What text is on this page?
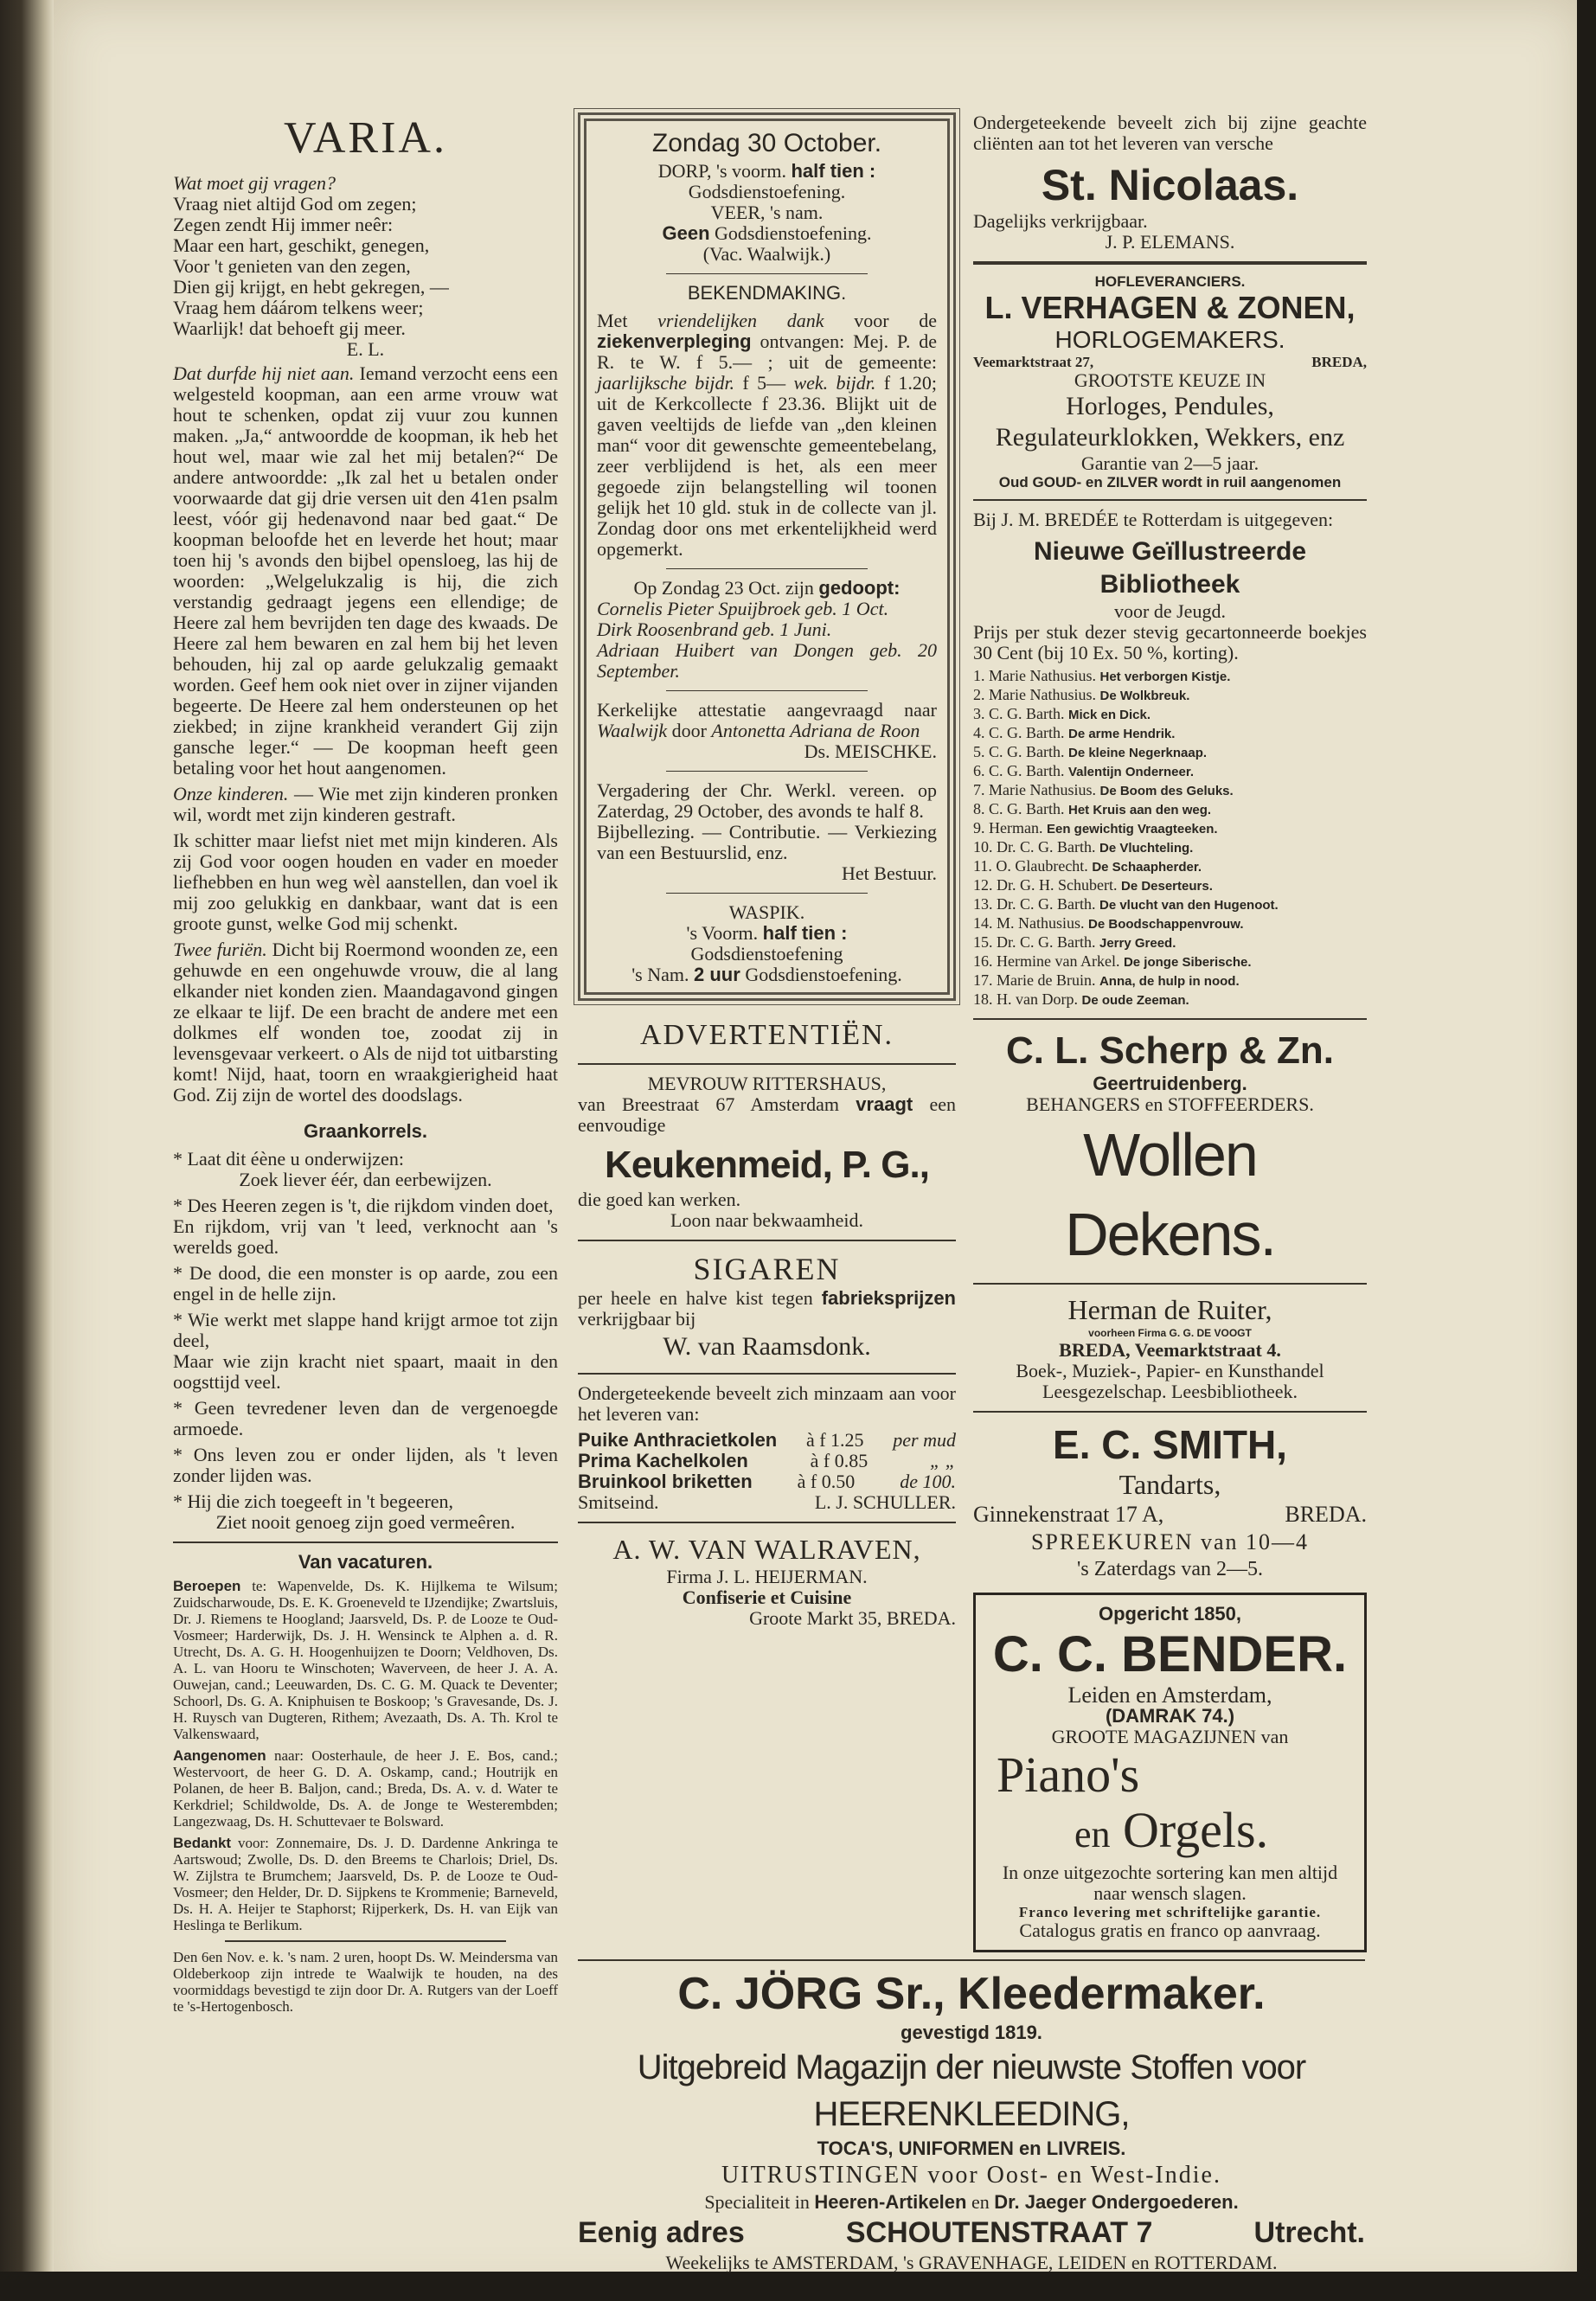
VARIA.

Wat moet gij vragen?

Vraag niet altijd God om zegen;
Zegen zendt Hij immer neêr:
Maar een hart, geschikt, genegen,
Voor 't genieten van den zegen,
Dien gij krijgt, en hebt gekregen, —
Vraag hem dáárom telkens weer;
Waarlijk! dat behoeft gij meer.
E. L.

Dat durfde hij niet aan. Iemand verzocht eens een welgesteld koopman, aan een arme vrouw wat hout te schenken, opdat zij vuur zou kunnen maken. „Ja,“ antwoordde de koopman, ik heb het hout wel, maar wie zal het mij betalen?“ De andere antwoordde: „Ik zal het u betalen onder voorwaarde dat gij drie versen uit den 41en psalm leest, vóór gij hedenavond naar bed gaat.“ De koopman beloofde het en leverde het hout; maar toen hij 's avonds den bijbel opensloeg, las hij de woorden: „Welgelukzalig is hij, die zich verstandig gedraagt jegens een ellendige; de Heere zal hem bevrijden ten dage des kwaads. De Heere zal hem bewaren en zal hem bij het leven behouden, hij zal op aarde gelukzalig gemaakt worden. Geef hem ook niet over in zijner vijanden begeerte. De Heere zal hem ondersteunen op het ziekbed; in zijne krankheid verandert Gij zijn gansche leger.“ — De koopman heeft geen betaling voor het hout aangenomen.

Onze kinderen. — Wie met zijn kinderen pronken wil, wordt met zijn kinderen gestraft.

Ik schitter maar liefst niet met mijn kinderen. Als zij God voor oogen houden en vader en moeder liefhebben en hun weg wèl aanstellen, dan voel ik mij zoo gelukkig en dankbaar, want dat is een groote gunst, welke God mij schenkt.

Twee furiën. Dicht bij Roermond woonden ze, een gehuwde en een ongehuwde vrouw, die al lang elkander niet konden zien. Maandagavond gingen ze elkaar te lijf. De een bracht de andere met een dolkmes elf wonden toe, zoodat zij in levensgevaar verkeert. o Als de nijd tot uitbarsting komt! Nijd, haat, toorn en wraakgierigheid haat God. Zij zijn de wortel des doodslags.

Graankorrels.

* Laat dit éène u onderwijzen:

Zoek liever éér, dan eerbewijzen.

* Des Heeren zegen is 't, die rijkdom vinden doet,

En rijkdom, vrij van 't leed, verknocht aan 's werelds goed.

* De dood, die een monster is op aarde, zou een engel in de helle zijn.

* Wie werkt met slappe hand krijgt armoe tot zijn deel,

Maar wie zijn kracht niet spaart, maait in den oogsttijd veel.

* Geen tevredener leven dan de vergenoegde armoede.

* Ons leven zou er onder lijden, als 't leven zonder lijden was.

* Hij die zich toegeeft in 't begeeren,

Ziet nooit genoeg zijn goed vermeêren.

Van vacaturen.

Beroepen te: Wapenvelde, Ds. K. Hijlkema te Wilsum; Zuidscharwoude, Ds. E. K. Groeneveld te IJzendijke; Zwartsluis, Dr. J. Riemens te Hoogland; Jaarsveld, Ds. P. de Looze te Oud-Vosmeer; Harderwijk, Ds. J. H. Wensinck te Alphen a. d. R. Utrecht, Ds. A. G. H. Hoogenhuijzen te Doorn; Veldhoven, Ds. A. L. van Hooru te Winschoten; Waverveen, de heer J. A. A. Ouwejan, cand.; Leeuwarden, Ds. C. G. M. Quack te Deventer; Schoorl, Ds. G. A. Kniphuisen te Boskoop; 's Gravesande, Ds. J. H. Ruysch van Dugteren, Rithem; Avezaath, Ds. A. Th. Krol te Valkenswaard,

Aangenomen naar: Oosterhaule, de heer J. E. Bos, cand.; Westervoort, de heer G. D. A. Oskamp, cand.; Houtrijk en Polanen, de heer B. Baljon, cand.; Breda, Ds. A. v. d. Water te Kerkdriel; Schildwolde, Ds. A. de Jonge te Westerembden; Langezwaag, Ds. H. Schuttevaer te Bolsward.

Bedankt voor: Zonnemaire, Ds. J. D. Dardenne Ankringa te Aartswoud; Zwolle, Ds. D. den Breems te Charlois; Driel, Ds. W. Zijlstra te Brumchem; Jaarsveld, Ds. P. de Looze te Oud-Vosmeer; den Helder, Dr. D. Sijpkens te Krommenie; Barneveld, Ds. H. A. Heijer te Staphorst; Rijperkerk, Ds. H. van Eijk van Heslinga te Berlikum.

Den 6en Nov. e. k. 's nam. 2 uren, hoopt Ds. W. Meindersma van Oldeberkoop zijn intrede te Waalwijk te houden, na des voormiddags bevestigd te zijn door Dr. A. Rutgers van der Loeff te 's-Hertogenbosch.

Zondag 30 October.

DORP, 's voorm. half tien :

Godsdienstoefening.

VEER, 's nam.

Geen Godsdienstoefening.

(Vac. Waalwijk.)

BEKENDMAKING.

Met vriendelijken dank voor de ziekenverpleging ontvangen: Mej. P. de R. te W. f 5.— ; uit de gemeente: jaarlijksche bijdr. f 5— wek. bijdr. f 1.20; uit de Kerkcollecte f 23.36. Blijkt uit de gaven veeltijds de liefde van „den kleinen man“ voor dit gewenschte gemeentebelang, zeer verblijdend is het, als een meer gegoede zijn belangstelling wil toonen gelijk het 10 gld. stuk in de collecte van jl. Zondag door ons met erkentelijkheid werd opgemerkt.

Op Zondag 23 Oct. zijn gedoopt:

Cornelis Pieter Spuijbroek geb. 1 Oct.

Dirk Roosenbrand geb. 1 Juni.

Adriaan Huibert van Dongen geb. 20 September.

Kerkelijke attestatie aangevraagd naar Waalwijk door Antonetta Adriana de Roon

Ds. MEISCHKE.

Vergadering der Chr. Werkl. vereen. op Zaterdag, 29 October, des avonds te half 8.

Bijbellezing. — Contributie. — Verkiezing van een Bestuurslid, enz.

Het Bestuur.

WASPIK.

's Voorm. half tien :

Godsdienstoefening

's Nam. 2 uur Godsdienstoefening.

ADVERTENTIËN.
MEVROUW RITTERSHAUS,

van Breestraat 67 Amsterdam vraagt een eenvoudige

Keukenmeid, P. G.,

die goed kan werken.

Loon naar bekwaamheid.

SIGAREN

per heele en halve kist tegen fabrieksprijzen verkrijgbaar bij

W. van Raamsdonk.

Ondergeteekende beveelt zich minzaam aan voor het leveren van:

Puike Anthracietkolen à f 1.25 per mud
Prima Kachelkolen	à f 0.85	„ „
Bruinkool briketten à f 0.50 de 100.
Smitseind.	L. J. SCHULLER.
A. W. VAN WALRAVEN,
Firma J. L. HEIJERMAN.
Confiserie et Cuisine
Groote Markt 35, BREDA.

Ondergeteekende beveelt zich bij zijne geachte cliënten aan tot het leveren van versche

St. Nicolaas.

Dagelijks verkrijgbaar.

J. P. ELEMANS.

HOFLEVERANCIERS.
L. VERHAGEN & ZONEN,
HORLOGEMAKERS.
Veemarktstraat 27,	BREDA,
GROOTSTE KEUZE IN
Horloges, Pendules, Regulateurklokken, Wekkers, enz
Garantie van 2—5 jaar.
Oud GOUD- en ZILVER wordt in ruil aangenomen

Bij J. M. BREDÉE te Rotterdam is uitgegeven:

Nieuwe Geïllustreerde Bibliotheek
voor de Jeugd.

Prijs per stuk dezer stevig gecartonneerde boekjes 30 Cent (bij 10 Ex. 50 %, korting).

1. Marie Nathusius. Het verborgen Kistje.
2. Marie Nathusius. De Wolkbreuk.
3. C. G. Barth. Mick en Dick.
4. C. G. Barth. De arme Hendrik.
5. C. G. Barth. De kleine Negerknaap.
6. C. G. Barth. Valentijn Onderneer.
7. Marie Nathusius. De Boom des Geluks.
8. C. G. Barth. Het Kruis aan den weg.
9. Herman. Een gewichtig Vraagteeken.
10. Dr. C. G. Barth. De Vluchteling.
11. O. Glaubrecht. De Schaapherder.
12. Dr. G. H. Schubert. De Deserteurs.
13. Dr. C. G. Barth. De vlucht van den Hugenoot.
14. M. Nathusius. De Boodschappenvrouw.
15. Dr. C. G. Barth. Jerry Greed.
16. Hermine van Arkel. De jonge Siberische.
17. Marie de Bruin. Anna, de hulp in nood.
18. H. van Dorp. De oude Zeeman.
C. L. Scherp & Zn.
Geertruidenberg.
BEHANGERS en STOFFEERDERS.
Wollen Dekens.
Herman de Ruiter,
voorheen Firma G. G. DE VOOGT
BREDA, Veemarktstraat 4.

Boek-, Muziek-, Papier- en Kunsthandel Leesgezelschap. Leesbibliotheek.

E. C. SMITH,
Tandarts,
Ginnekenstraat 17 A,	BREDA.
SPREEKUREN van 10—4
's Zaterdags van 2—5.
Opgericht 1850,
C. C. BENDER.
Leiden en Amsterdam,
(DAMRAK 74.)
GROOTE MAGAZIJNEN van
Piano's
en Orgels.

In onze uitgezochte sortering kan men altijd naar wensch slagen.

Franco levering met schriftelijke garantie.
Catalogus gratis en franco op aanvraag.
C. JÖRG Sr., Kleedermaker.
gevestigd 1819.
Uitgebreid Magazijn der nieuwste Stoffen voor HEERENKLEEDING,
TOCA'S, UNIFORMEN en LIVREIS.
UITRUSTINGEN voor Oost- en West-Indie.
Specialiteit in Heeren-Artikelen en Dr. Jaeger Ondergoederen.
Eenig adres	SCHOUTENSTRAAT 7	Utrecht.
Weekelijks te AMSTERDAM, 's GRAVENHAGE, LEIDEN en ROTTERDAM.
